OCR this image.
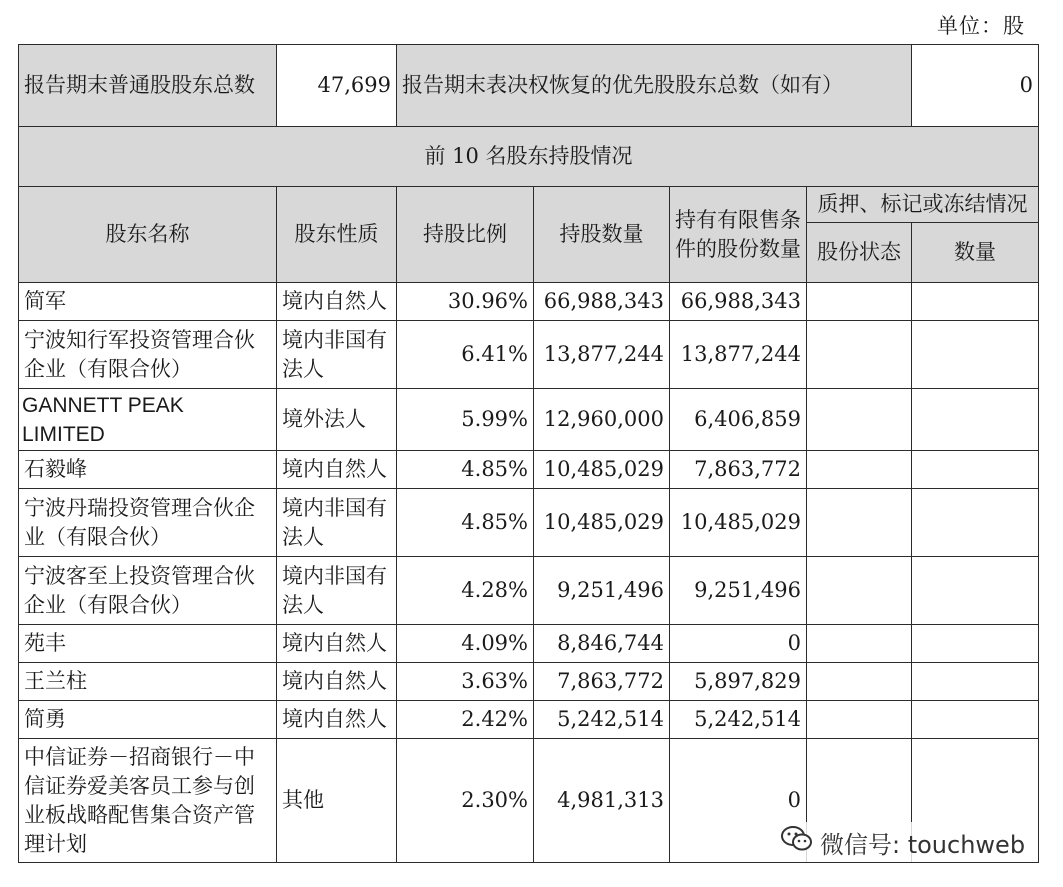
单位：股
报告期末普通股股东总数	47,699	报告期末表决权恢复的优先股股东总数（如有）				0
前 10 名股东持股情况						
股东名称	股东性质	持股比例	持股数量	持有有限售条件的股份数量	质押、标记或冻结情况	
					股份状态	数量
简军	境内自然人	30.96%	66,988,343	66,988,343		
宁波知行军投资管理合伙企业（有限合伙）	境内非国有法人	6.41%	13,877,244	13,877,244		
GANNETT PEAK LIMITED	境外法人	5.99%	12,960,000	6,406,859		
石毅峰	境内自然人	4.85%	10,485,029	7,863,772		
宁波丹瑞投资管理合伙企业（有限合伙）	境内非国有法人	4.85%	10,485,029	10,485,029		
宁波客至上投资管理合伙企业（有限合伙）	境内非国有法人	4.28%	9,251,496	9,251,496		
苑丰	境内自然人	4.09%	8,846,744	0		
王兰柱	境内自然人	3.63%	7,863,772	5,897,829		
简勇	境内自然人	2.42%	5,242,514	5,242,514		
中信证券－招商银行－中信证券爱美客员工参与创业板战略配售集合资产管理计划	其他	2.30%	4,981,313	0		
微信号: touchweb
